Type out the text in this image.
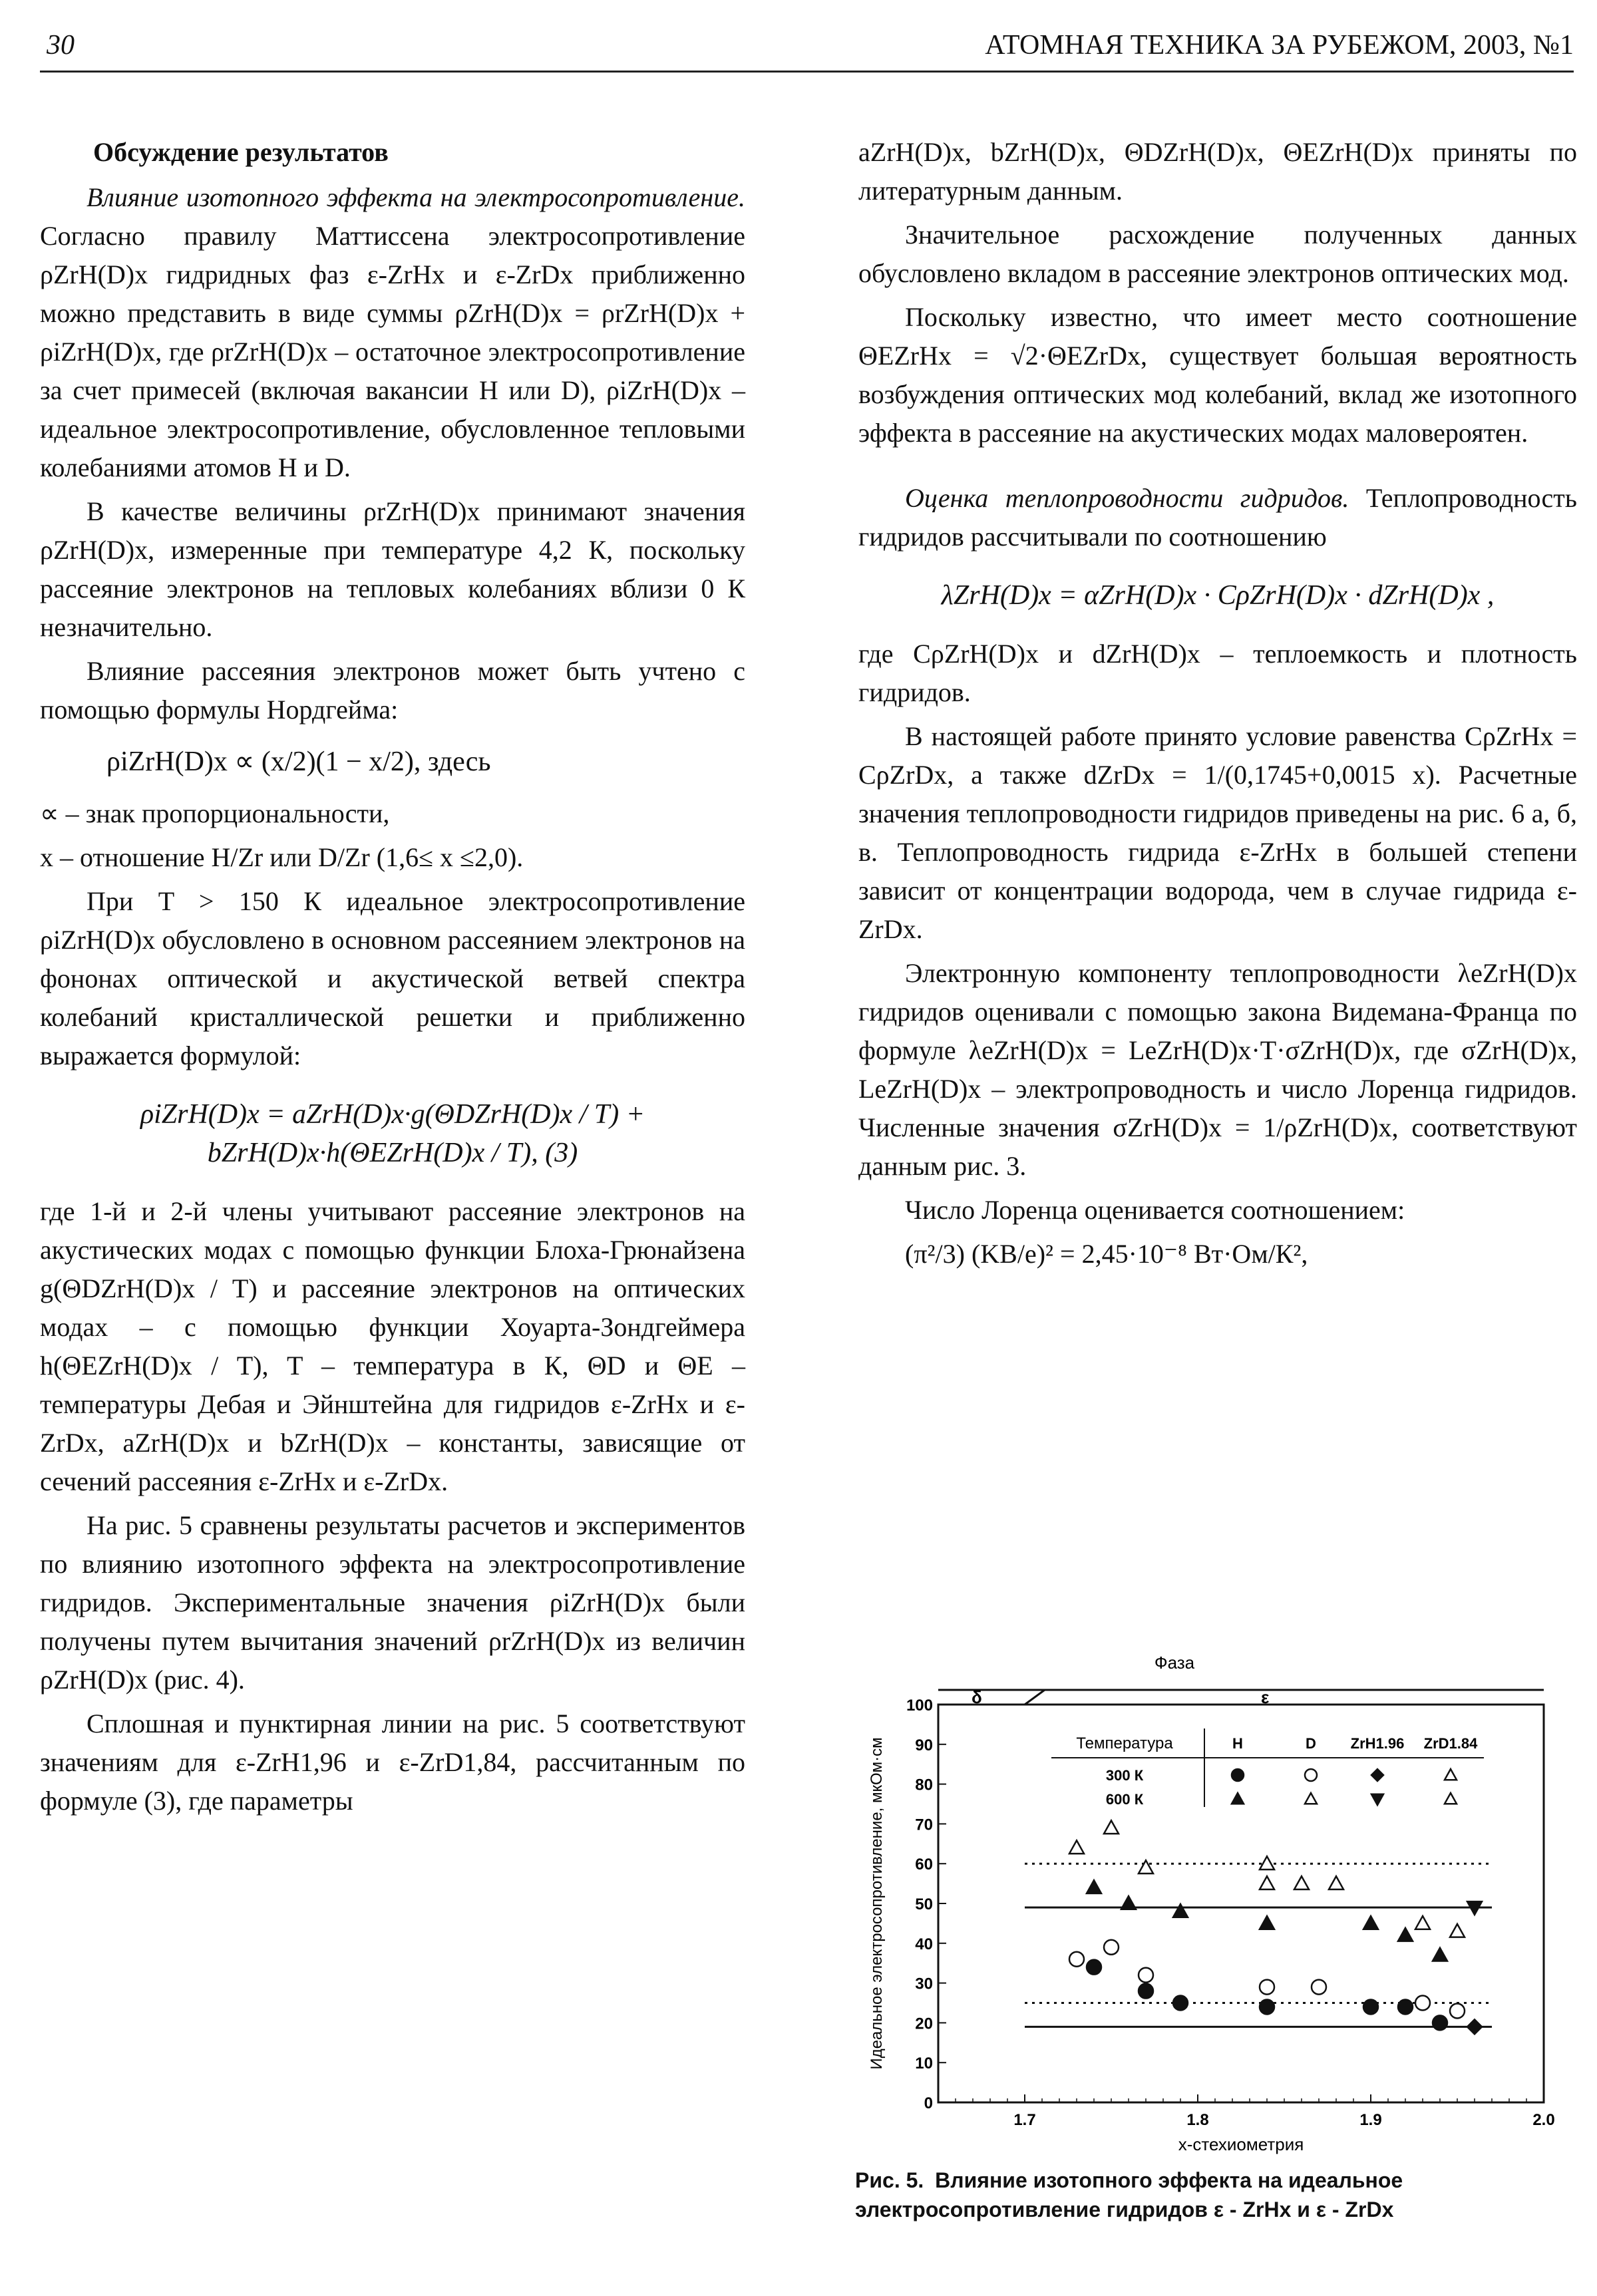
30	АТОМНАЯ ТЕХНИКА ЗА РУБЕЖОМ, 2003, №1

Обсуждение результатов

Влияние изотопного эффекта на электросопротивление. Согласно правилу Маттиссена электросопротивление ρZrH(D)x гидридных фаз ε-ZrHx и ε-ZrDx приближенно можно представить в виде суммы ρZrH(D)x = ρrZrH(D)x + ρiZrH(D)x, где ρrZrH(D)x – остаточное электросопротивление за счет примесей (включая вакансии H или D), ρiZrH(D)x – идеальное электросопротивление, обусловленное тепловыми колебаниями атомов H и D.

В качестве величины ρrZrH(D)x принимают значения ρZrH(D)x, измеренные при температуре 4,2 К, поскольку рассеяние электронов на тепловых колебаниях вблизи 0 К незначительно.

Влияние рассеяния электронов может быть учтено с помощью формулы Нордгейма:

ρiZrH(D)x ∝ (x/2)(1 − x/2), здесь

∝ – знак пропорциональности,

x – отношение H/Zr или D/Zr (1,6≤ x ≤2,0).

При T > 150 К идеальное электросопротивление ρiZrH(D)x обусловлено в основном рассеянием электронов на фононах оптической и акустической ветвей спектра колебаний кристаллической решетки и приближенно выражается формулой:

ρiZrH(D)x = aZrH(D)x·g(ΘDZrH(D)x / T) + bZrH(D)x·h(ΘEZrH(D)x / T), (3)

где 1-й и 2-й члены учитывают рассеяние электронов на акустических модах с помощью функции Блоха-Грюнайзена g(ΘDZrH(D)x / T) и рассеяние электронов на оптических модах – с помощью функции Хоуарта-Зондгеймера h(ΘEZrH(D)x / T), T – температура в К, ΘD и ΘE – температуры Дебая и Эйнштейна для гидридов ε-ZrHx и ε-ZrDx, aZrH(D)x и bZrH(D)x – константы, зависящие от сечений рассеяния ε-ZrHx и ε-ZrDx.

На рис. 5 сравнены результаты расчетов и экспериментов по влиянию изотопного эффекта на электросопротивление гидридов. Экспериментальные значения ρiZrH(D)x были получены путем вычитания значений ρrZrH(D)x из величин ρZrH(D)x (рис. 4).

Сплошная и пунктирная линии на рис. 5 соответствуют значениям для ε-ZrH1,96 и ε-ZrD1,84, рассчитанным по формуле (3), где параметры

aZrH(D)x, bZrH(D)x, ΘDZrH(D)x, ΘEZrH(D)x приняты по литературным данным.

Значительное расхождение полученных данных обусловлено вкладом в рассеяние электронов оптических мод.

Поскольку известно, что имеет место соотношение ΘEZrHx = √2·ΘEZrDx, существует большая вероятность возбуждения оптических мод колебаний, вклад же изотопного эффекта в рассеяние на акустических модах маловероятен.

Оценка теплопроводности гидридов. Теплопроводность гидридов рассчитывали по соотношению

λZrH(D)x = αZrH(D)x · CρZrH(D)x · dZrH(D)x ,

где CρZrH(D)x и dZrH(D)x – теплоемкость и плотность гидридов.

В настоящей работе принято условие равенства CρZrHx = CρZrDx, а также dZrDx = 1/(0,1745+0,0015 x). Расчетные значения теплопроводности гидридов приведены на рис. 6 а, б, в. Теплопроводность гидрида ε-ZrHx в большей степени зависит от концентрации водорода, чем в случае гидрида ε-ZrDx.

Электронную компоненту теплопроводности λeZrH(D)x гидридов оценивали с помощью закона Видемана-Франца по формуле λeZrH(D)x = LeZrH(D)x·T·σZrH(D)x, где σZrH(D)x, LeZrH(D)x – электропроводность и число Лоренца гидридов. Численные значения σZrH(D)x = 1/ρZrH(D)x, соответствуют данным рис. 3.

Число Лоренца оценивается соотношением:

(π²/3) (KB/e)² = 2,45·10⁻⁸ Вт·Ом/К²,

Температура	H	D ZrH1.96 ZrD1.84
300 К
600 К
Фаза
δ	ε
0
10
20
30
40
50
60
70
80
90
100
1.7	1.8	1.9	2.0
x-стехиометрия
Идеальное электросопротивление, мкОм·см
Рис. 5. Влияние изотопного эффекта на идеальное электросопротивление гидридов ε - ZrHx и ε - ZrDx
